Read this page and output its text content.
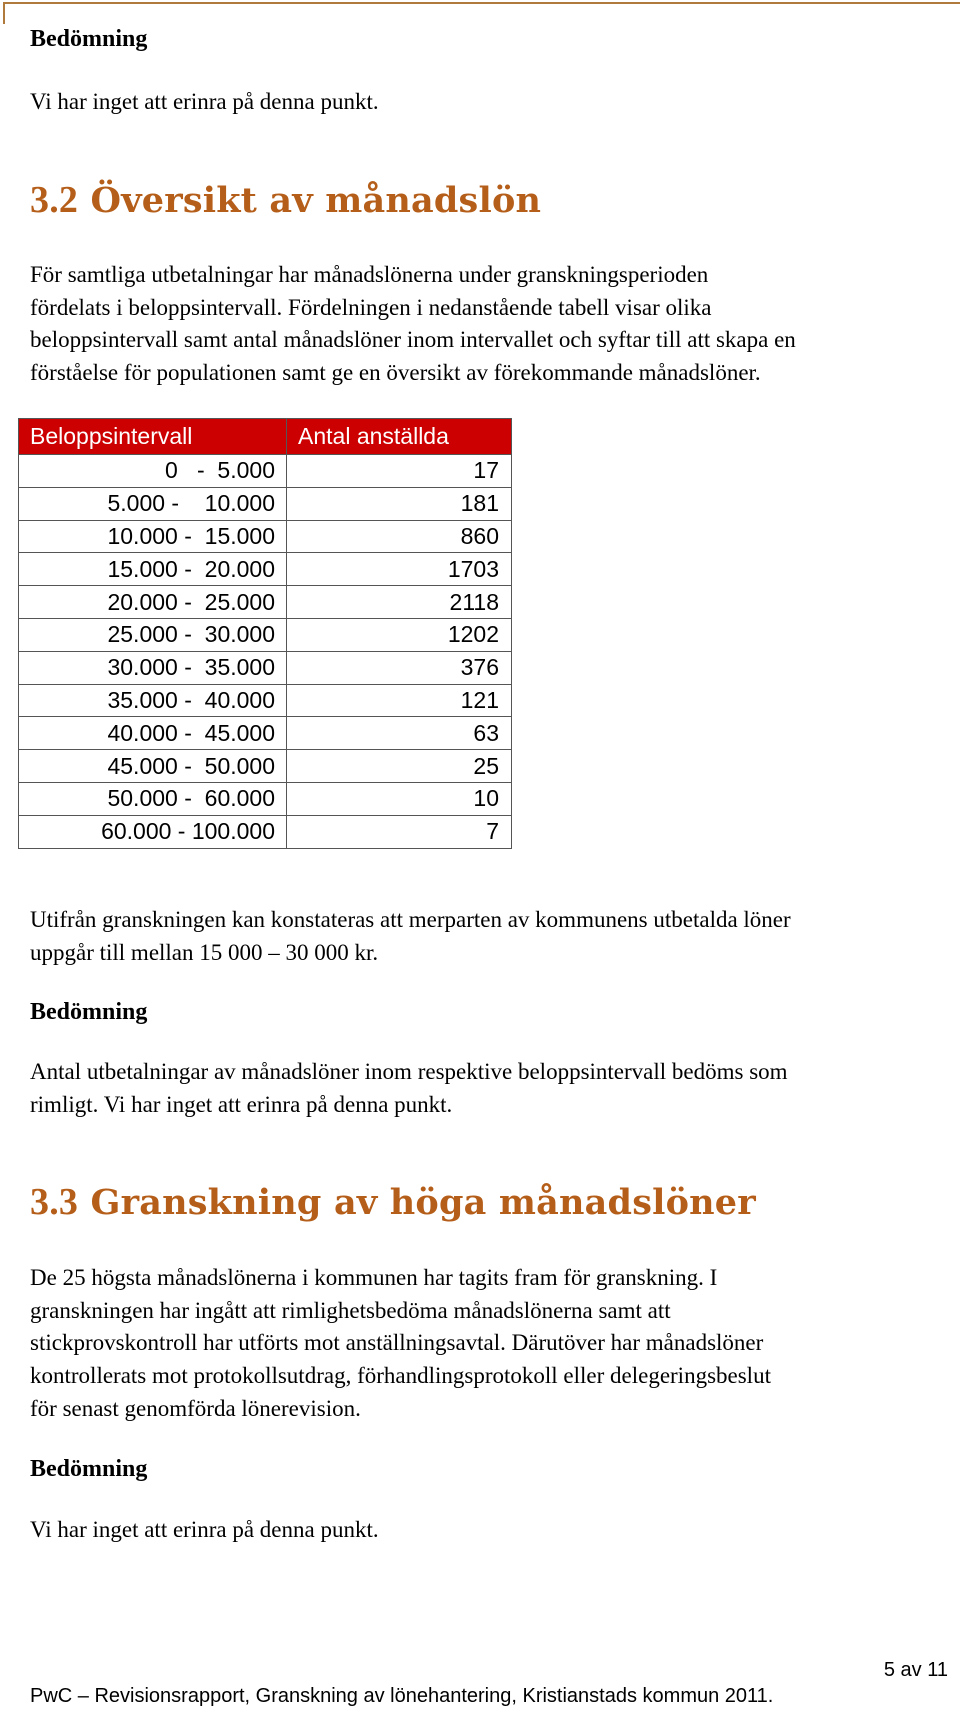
Bedömning
Vi har inget att erinra på denna punkt.
3.2 Översikt av månadslön
För samtliga utbetalningar har månadslönerna under granskningsperioden
fördelats i beloppsintervall. Fördelningen i nedanstående tabell visar olika
beloppsintervall samt antal månadslöner inom intervallet och syftar till att skapa en
förståelse för populationen samt ge en översikt av förekommande månadslöner.
Beloppsintervall	Antal anställda
0   -  5.000	17
5.000 -    10.000	181
10.000 -  15.000	860
15.000 -  20.000	1703
20.000 -  25.000	2118
25.000 -  30.000	1202
30.000 -  35.000	376
35.000 -  40.000	121
40.000 -  45.000	63
45.000 -  50.000	25
50.000 -  60.000	10
60.000 - 100.000	7
Utifrån granskningen kan konstateras att merparten av kommunens utbetalda löner
uppgår till mellan 15 000 – 30 000 kr.
Bedömning
Antal utbetalningar av månadslöner inom respektive beloppsintervall bedöms som
rimligt. Vi har inget att erinra på denna punkt.
3.3 Granskning av höga månadslöner
De 25 högsta månadslönerna i kommunen har tagits fram för granskning. I
granskningen har ingått att rimlighetsbedöma månadslönerna samt att
stickprovskontroll har utförts mot anställningsavtal. Därutöver har månadslöner
kontrollerats mot protokollsutdrag, förhandlingsprotokoll eller delegeringsbeslut
för senast genomförda lönerevision.
Bedömning
Vi har inget att erinra på denna punkt.
5 av 11
PwC – Revisionsrapport, Granskning av lönehantering, Kristianstads kommun 2011.
